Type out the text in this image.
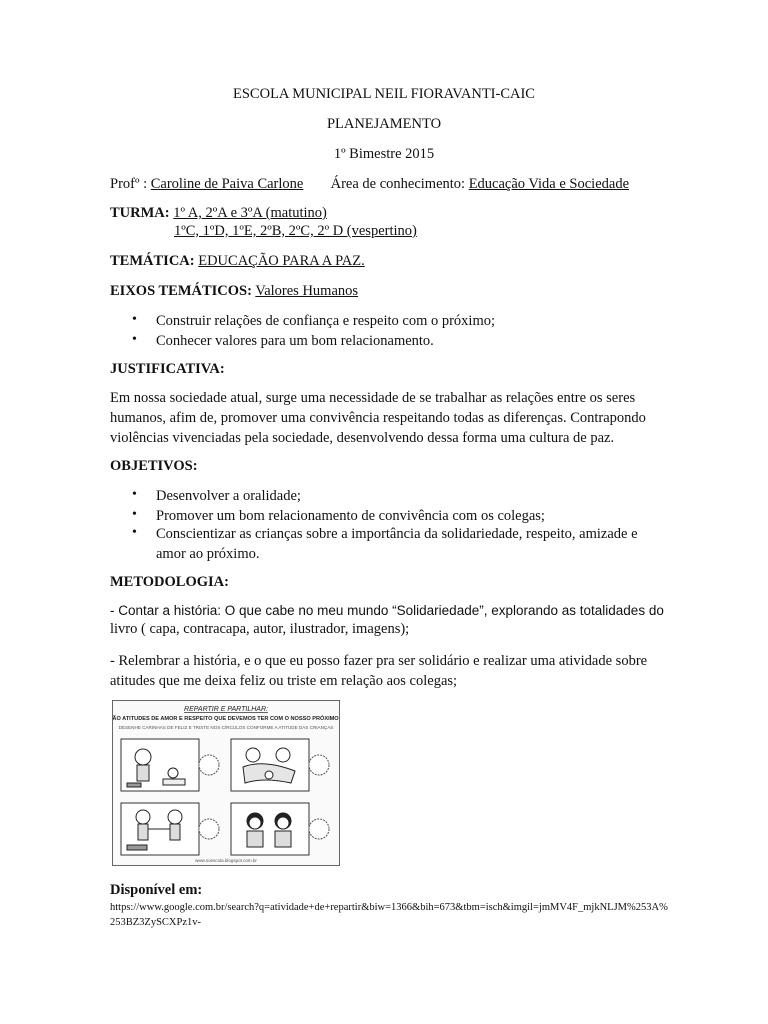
ESCOLA MUNICIPAL NEIL FIORAVANTI-CAIC
PLANEJAMENTO
1º Bimestre 2015
Profº : Caroline de Paiva Carlone Área de conhecimento: Educação Vida e Sociedade
TURMA: 1º A, 2ºA e 3ºA (matutino)
1ºC, 1ºD, 1ºE, 2ºB, 2ºC, 2º D (vespertino)
TEMÁTICA: EDUCAÇÃO PARA A PAZ.
EIXOS TEMÁTICOS: Valores Humanos
• Construir relações de confiança e respeito com o próximo;
• Conhecer valores para um bom relacionamento.
JUSTIFICATIVA:
Em nossa sociedade atual, surge uma necessidade de se trabalhar as relações entre os seres humanos, afim de, promover uma convivência respeitando todas as diferenças. Contrapondo violências vivenciadas pela sociedade, desenvolvendo dessa forma uma cultura de paz.
OBJETIVOS:
• Desenvolver a oralidade;
• Promover um bom relacionamento de convivência com os colegas;
• Conscientizar as crianças sobre a importância da solidariedade, respeito, amizade e amor ao próximo.
METODOLOGIA:
- Contar a história: O que cabe no meu mundo “Solidariedade”, explorando as totalidades do
livro ( capa, contracapa, autor, ilustrador, imagens);
- Relembrar a história, e o que eu posso fazer pra ser solidário e realizar uma atividade sobre atitudes que me deixa feliz ou triste em relação aos colegas;
REPARTIR E PARTILHAR:
SÃO ATITUDES DE AMOR E RESPEITO QUE DEVEMOS TER COM O NOSSO PRÓXIMO...
DESENHE CARINHAS DE FELIZ E TRISTE NOS CÍRCULOS CONFORME A ATITUDE DAS CRIANÇAS
www.soescola.blogspot.com.br
Disponível em:
https://www.google.com.br/search?q=atividade+de+repartir&biw=1366&bih=673&tbm=isch&imgil=jmMV4F_mjkNLJM%253A%253BZ3ZySCXPz1v-
